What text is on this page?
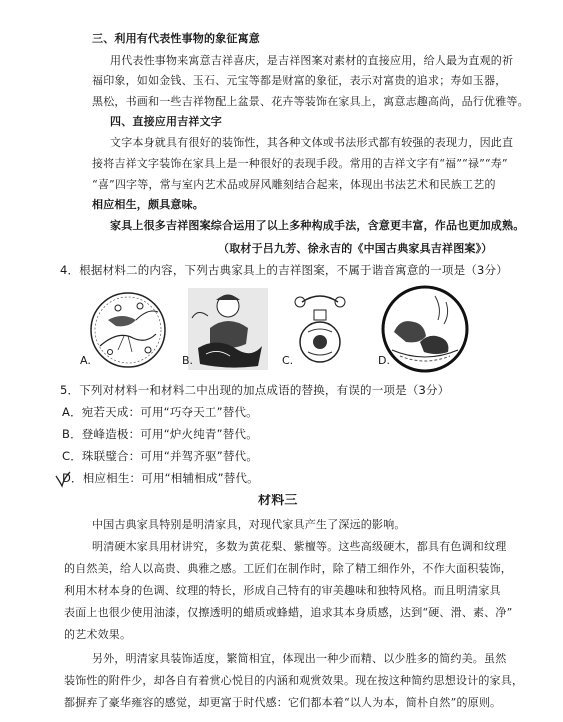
三、利用有代表性事物的象征寓意
用代表性事物来寓意吉祥喜庆，是吉祥图案对素材的直接应用，给人最为直观的祈
福印象，如如金钱、玉石、元宝等都是财富的象征，表示对富贵的追求；寿如玉器，
黑松，书画和一些吉祥物配上盆景、花卉等装饰在家具上，寓意志趣高尚，品行优雅等。
四、直接应用吉祥文字
文字本身就具有很好的装饰性，其各种文体或书法形式都有较强的表现力，因此直
接将吉祥文字装饰在家具上是一种很好的表现手段。常用的吉祥文字有“福”“禄”“寿”
“喜”四字等，常与室内艺术品或屏风雕刻结合起来，体现出书法艺术和民族工艺的
相应相生，颇具意味。
家具上很多吉祥图案综合运用了以上多种构成手法，含意更丰富，作品也更加成熟。
（取材于吕九芳、徐永吉的《中国古典家具吉祥图案》）
4．根据材料二的内容，下列古典家具上的吉祥图案，不属于谐音寓意的一项是（3分）
A.	B.	C.	D.
5．下列对材料一和材料二中出现的加点成语的替换，有误的一项是（3分）
A．宛若天成：可用“巧夺天工”替代。
B．登峰造极：可用“炉火纯青”替代。
C．珠联璧合：可用“并驾齐驱”替代。
D．相应相生：可用“相辅相成”替代。
材料三
中国古典家具特别是明清家具，对现代家具产生了深远的影响。
明清硬木家具用材讲究，多数为黄花梨、紫檀等。这些高级硬木，都具有色调和纹理
的自然美，给人以高贵、典雅之感。工匠们在制作时，除了精工细作外，不作大面积装饰，
利用木材本身的色调、纹理的特长，形成自己特有的审美趣味和独特风格。而且明清家具
表面上也很少使用油漆，仅擦透明的蜡质或蜂蜡，追求其本身质感，达到“硬、滑、素、净”
的艺术效果。
另外，明清家具装饰适度，繁简相宜，体现出一种少而精、以少胜多的简约美。虽然
装饰性的附件少，却各自有着赏心悦目的内涵和观赏效果。现在按这种简约思想设计的家具，
都摒弃了豪华雍容的感觉，却更富于时代感：它们都本着“以人为本，简朴自然”的原则。
